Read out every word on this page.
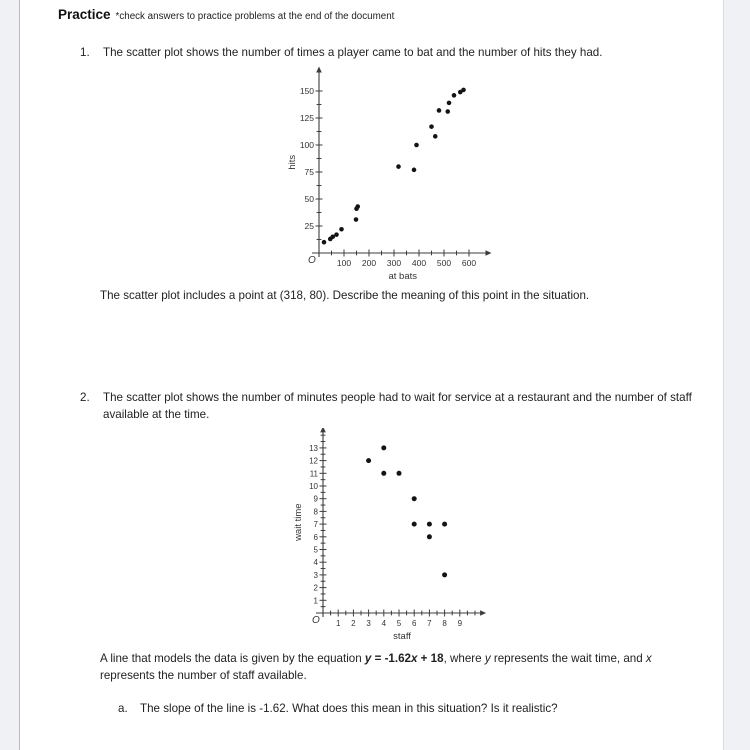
Practice *check answers to practice problems at the end of the document
1.	The scatter plot shows the number of times a player came to bat and the number of hits they had.
100 200 300 400 500 600
25
50
75
100
125
150
O
at bats
hits
The scatter plot includes a point at (318, 80). Describe the meaning of this point in the situation.
2.	The scatter plot shows the number of minutes people had to wait for service at a restaurant and the number of staff available at the time.
1 2 3 4 5 6 7 8 9
1
2
3
4
5
6
7
8
9
10
11
12
13
O
staff
wait time
A line that models the data is given by the equation y = -1.62x + 18, where y represents the wait time, and x represents the number of staff available.
a.	The slope of the line is -1.62. What does this mean in this situation? Is it realistic?
